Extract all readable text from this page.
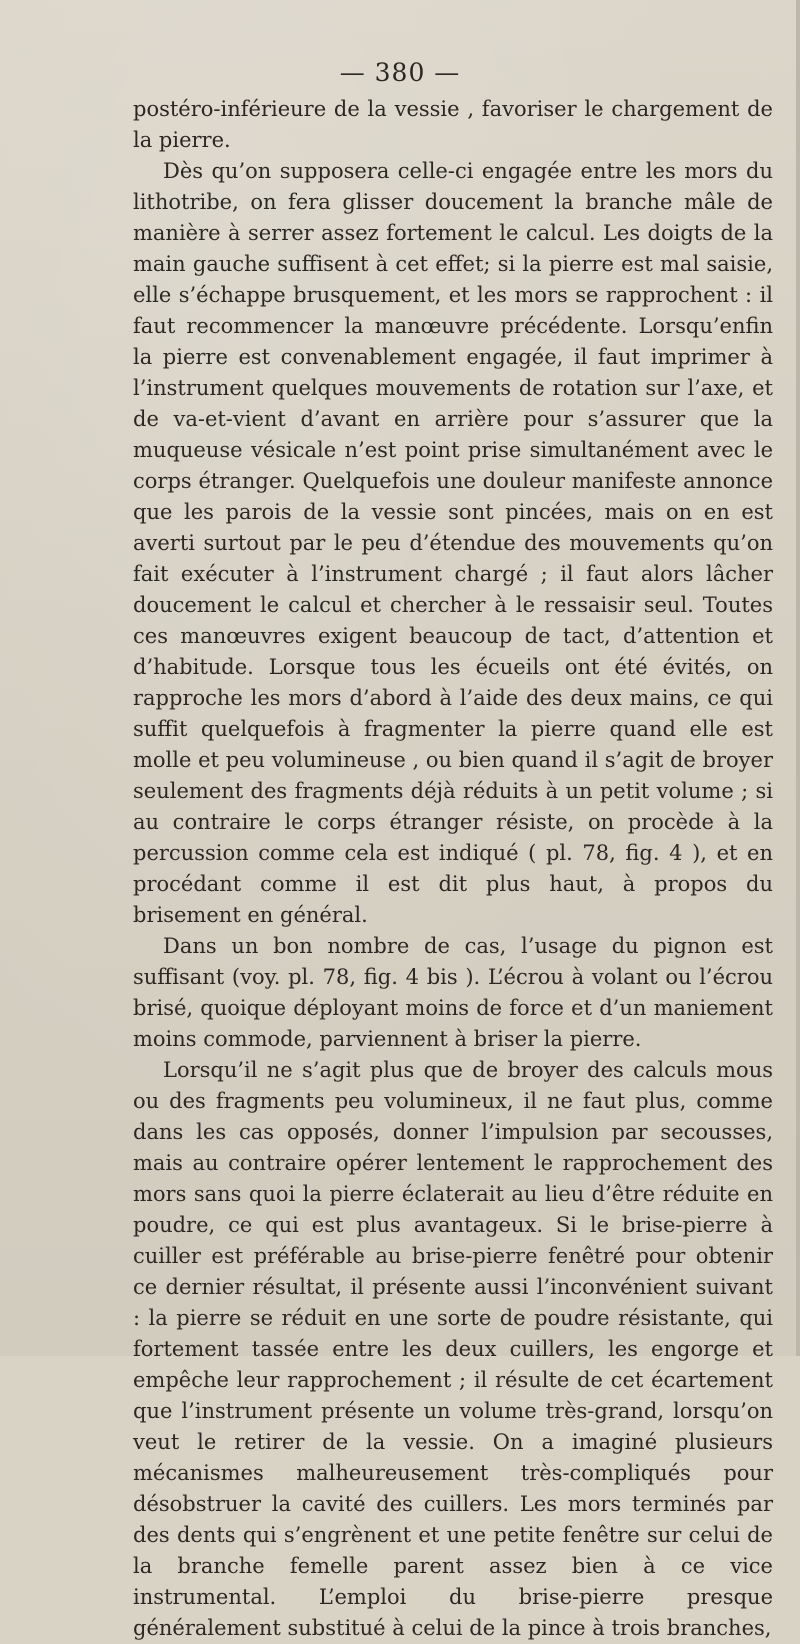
— 380 —

postéro-inférieure de la vessie , favoriser le chargement de la pierre.

Dès qu’on supposera celle-ci engagée entre les mors du lithotribe, on fera glisser doucement la branche mâle de manière à serrer assez fortement le calcul. Les doigts de la main gauche suffisent à cet effet; si la pierre est mal saisie, elle s’échappe brusquement, et les mors se rapprochent : il faut recommencer la manœuvre précédente. Lorsqu’enfin la pierre est convenablement engagée, il faut imprimer à l’instrument quelques mouvements de rotation sur l’axe, et de va-et-vient d’avant en arrière pour s’assurer que la muqueuse vésicale n’est point prise simultanément avec le corps étranger. Quelquefois une douleur manifeste annonce que les parois de la vessie sont pincées, mais on en est averti surtout par le peu d’étendue des mouvements qu’on fait exécuter à l’instrument chargé ; il faut alors lâcher doucement le calcul et chercher à le ressaisir seul. Toutes ces manœuvres exigent beaucoup de tact, d’attention et d’habitude. Lorsque tous les écueils ont été évités, on rapproche les mors d’abord à l’aide des deux mains, ce qui suffit quelquefois à fragmenter la pierre quand elle est molle et peu volumineuse , ou bien quand il s’agit de broyer seulement des fragments déjà réduits à un petit volume ; si au contraire le corps étranger résiste, on procède à la percussion comme cela est indiqué ( pl. 78, fig. 4 ), et en procédant comme il est dit plus haut, à propos du brisement en général.

Dans un bon nombre de cas, l’usage du pignon est suffisant (voy. pl. 78, fig. 4 bis ). L’écrou à volant ou l’écrou brisé, quoique déployant moins de force et d’un maniement moins commode, parviennent à briser la pierre.

Lorsqu’il ne s’agit plus que de broyer des calculs mous ou des fragments peu volumineux, il ne faut plus, comme dans les cas opposés, donner l’impulsion par secousses, mais au contraire opérer lentement le rapprochement des mors sans quoi la pierre éclaterait au lieu d’être réduite en poudre, ce qui est plus avantageux. Si le brise-pierre à cuiller est préférable au brise-pierre fenêtré pour obtenir ce dernier résultat, il présente aussi l’inconvénient suivant : la pierre se réduit en une sorte de poudre résistante, qui fortement tassée entre les deux cuillers, les engorge et empêche leur rapprochement ; il résulte de cet écartement que l’instrument présente un volume très-grand, lorsqu’on veut le retirer de la vessie. On a imaginé plusieurs mécanismes malheureusement très-compliqués pour désobstruer la cavité des cuillers. Les mors terminés par des dents qui s’engrènent et une petite fenêtre sur celui de la branche femelle parent assez bien à ce vice instrumental. L’emploi du brise-pierre presque généralement substitué à celui de la pince à trois branches,
